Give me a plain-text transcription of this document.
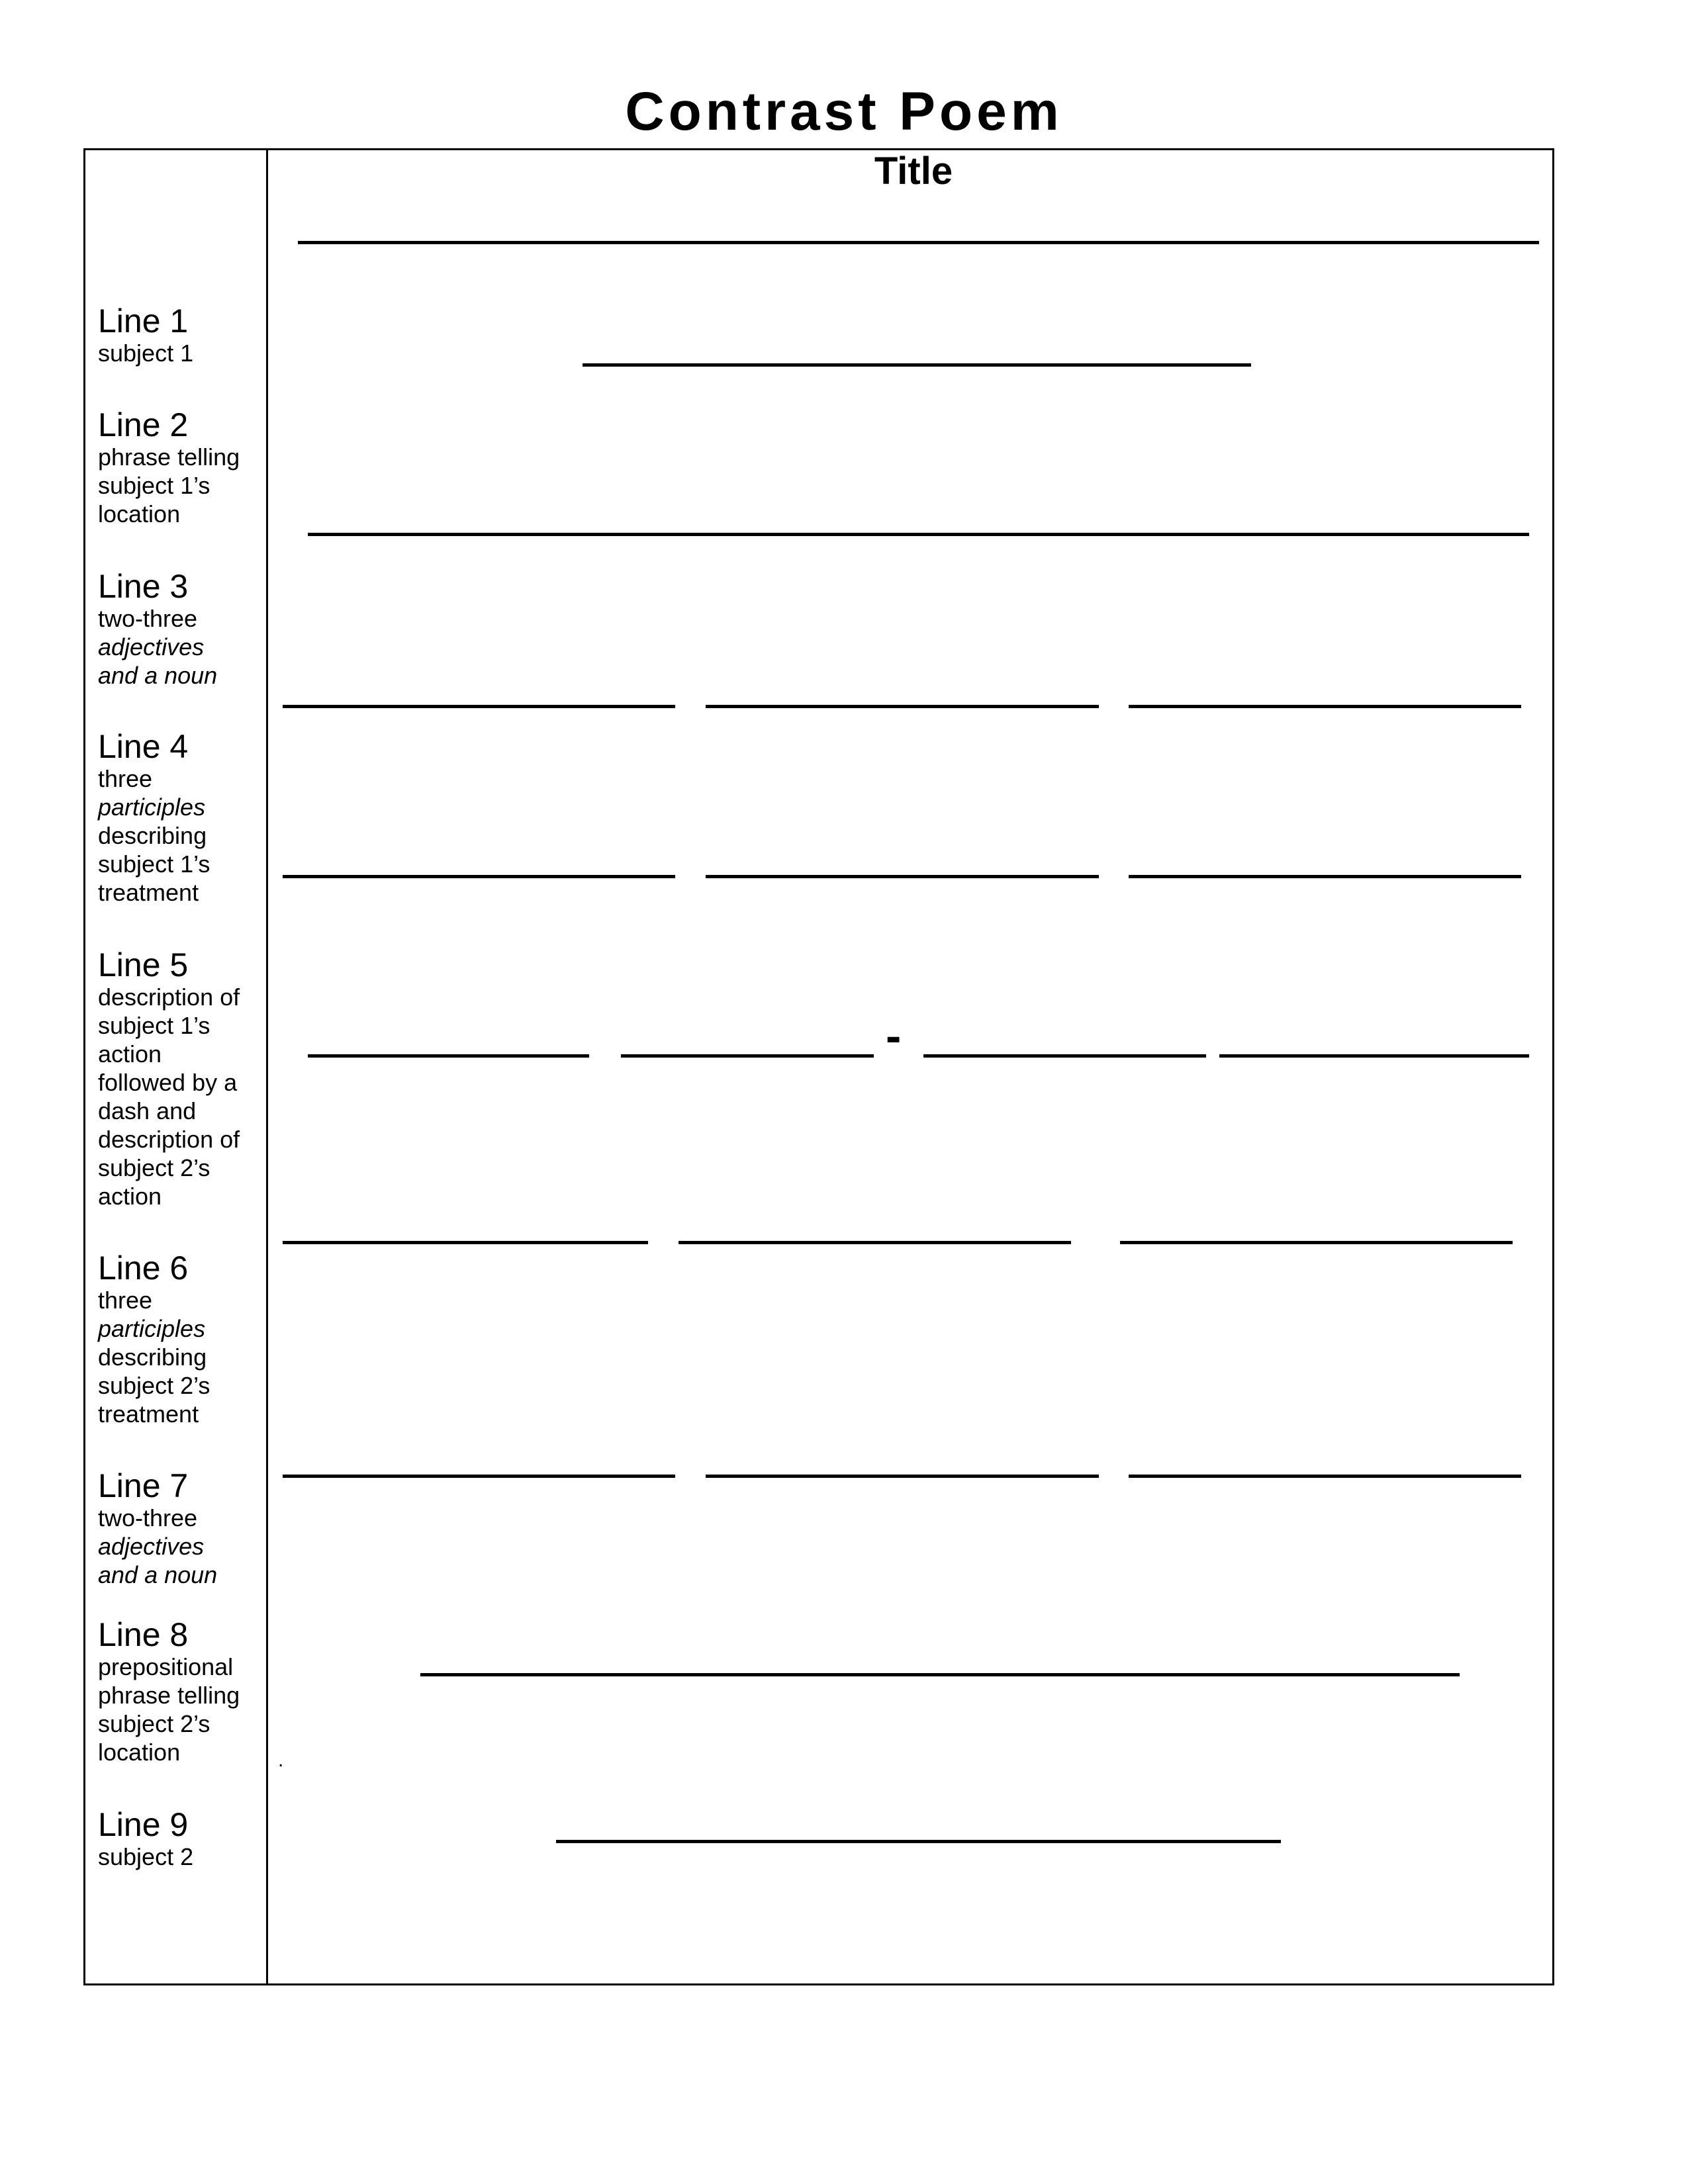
Contrast Poem
Title
Line 1
subject 1
Line 2
phrase telling
subject 1’s
location
Line 3
two-three
adjectives
and a noun
Line 4
three
participles
describing
subject 1’s
treatment
Line 5
description of
subject 1’s
action
followed by a
dash and
description of
subject 2’s
action
Line 6
three
participles
describing
subject 2’s
treatment
Line 7
two-three
adjectives
and a noun
Line 8
prepositional
phrase telling
subject 2’s
location
Line 9
subject 2
-
.
